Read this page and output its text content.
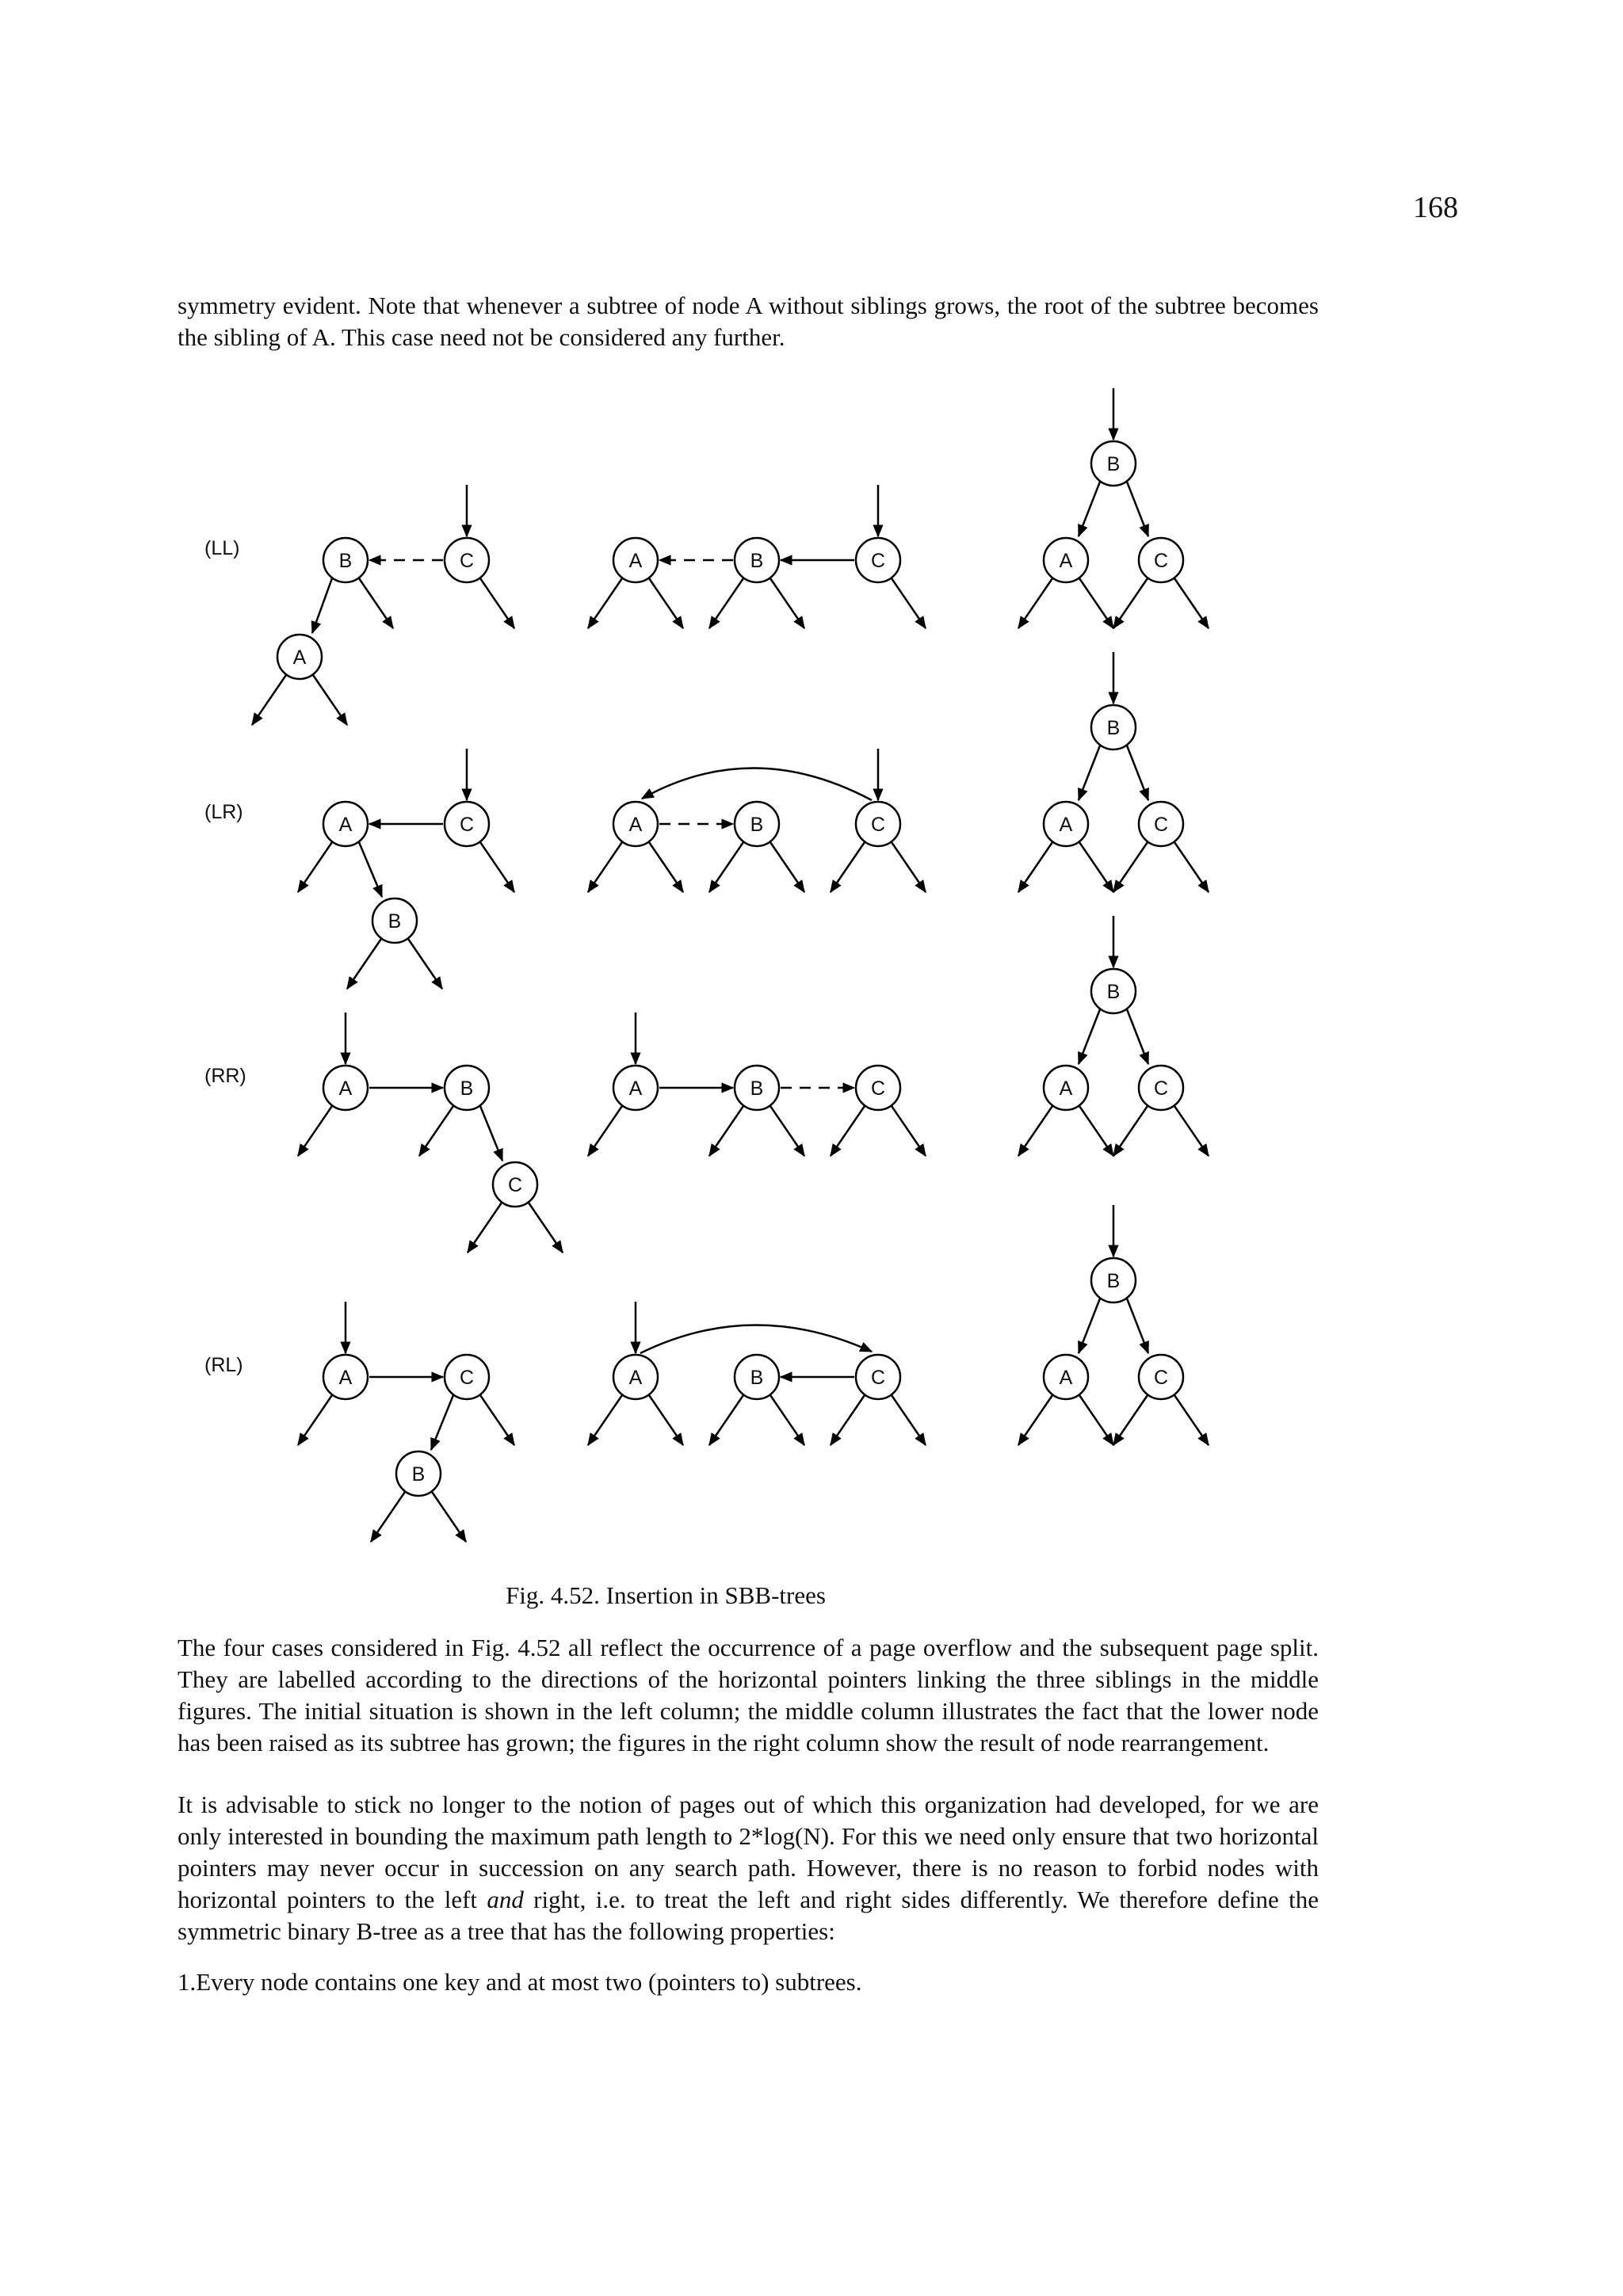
168

symmetry evident. Note that whenever a subtree of node A without siblings grows, the root of the subtree becomes the sibling of A. This case need not be considered any further.

(LL)
(LR)
(RR)
(RL)
B	C
A
A	B	C
B
A	C
A	C
B
A	B	C
B
A	C
A	B
C
A	B	C
B
A	C
A	C
B
A	B	C
B
A	C
Fig. 4.52. Insertion in SBB-trees

The four cases considered in Fig. 4.52 all reflect the occurrence of a page overflow and the subsequent page split. They are labelled according to the directions of the horizontal pointers linking the three siblings in the middle figures. The initial situation is shown in the left column; the middle column illustrates the fact that the lower node has been raised as its subtree has grown; the figures in the right column show the result of node rearrangement.

It is advisable to stick no longer to the notion of pages out of which this organization had developed, for we are only interested in bounding the maximum path length to 2*log(N). For this we need only ensure that two horizontal pointers may never occur in succession on any search path. However, there is no reason to forbid nodes with horizontal pointers to the left and right, i.e. to treat the left and right sides differently. We therefore define the symmetric binary B-tree as a tree that has the following properties:

1.Every node contains one key and at most two (pointers to) subtrees.
